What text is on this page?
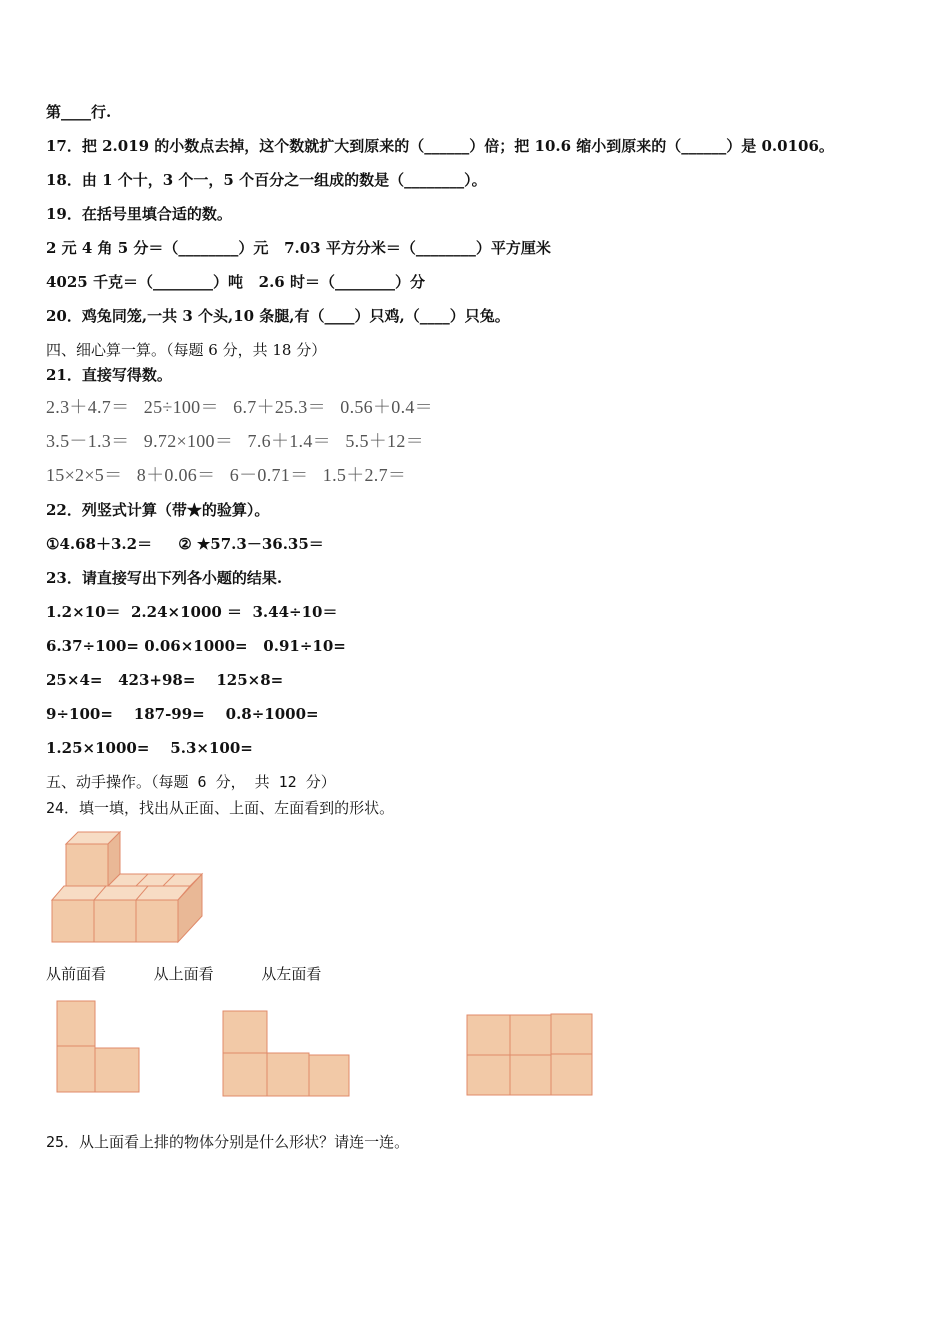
第____行.
17．把 2.019 的小数点去掉，这个数就扩大到原来的（______）倍；把 10.6 缩小到原来的（______）是 0.0106。
18．由 1 个十，3 个一，5 个百分之一组成的数是（________）。
19．在括号里填合适的数。
2 元 4 角 5 分＝（________）元   7.03 平方分米＝（________）平方厘米
4025 千克＝（________）吨   2.6 时＝（________）分
20．鸡兔同笼,一共 3 个头,10 条腿,有（____）只鸡,（____）只兔。
四、细心算一算。（每题 6 分，共 18 分）
21．直接写得数。
2.3＋4.7＝   25÷100＝   6.7＋25.3＝   0.56＋0.4＝
3.5－1.3＝   9.72×100＝   7.6＋1.4＝   5.5＋12＝
15×2×5＝   8＋0.06＝   6－0.71＝   1.5＋2.7＝
22．列竖式计算（带★的验算）。
①4.68＋3.2＝     ② ★57.3－36.35＝
23．请直接写出下列各小题的结果.
1.2×10＝  2.24×1000 ＝  3.44÷10＝
6.37÷100= 0.06×1000=   0.91÷10=
25×4=   423+98=    125×8=
9÷100=    187-99=    0.8÷1000=
1.25×1000=    5.3×100=
五、动手操作。（每题 6 分， 共 12 分）
24．填一填，找出从正面、上面、左面看到的形状。
从前面看          从上面看          从左面看
25．从上面看上排的物体分别是什么形状？请连一连。
